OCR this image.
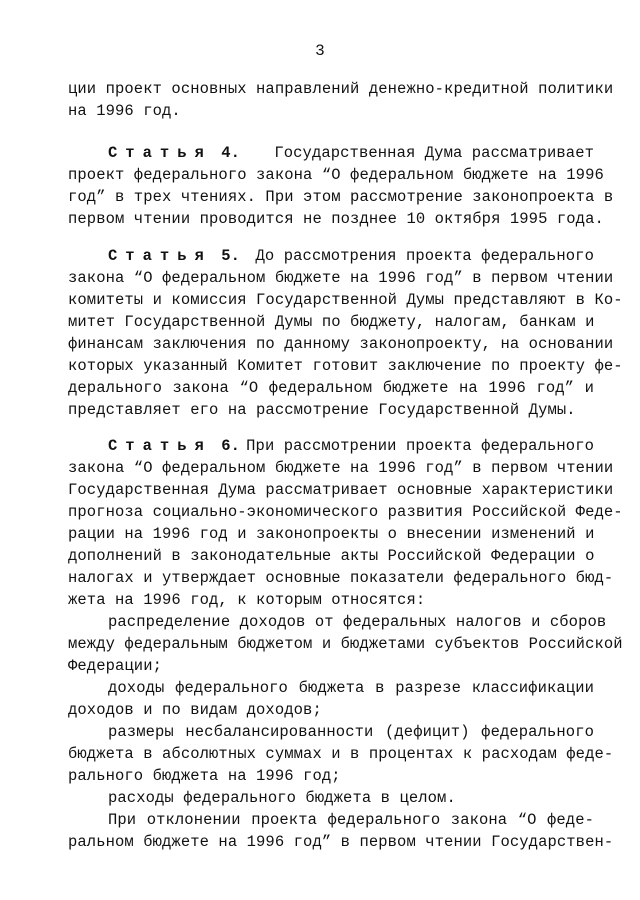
3
ции проект основных направлений денежно-кредитной политики
на 1996 год.
Статья 4. Государственная Дума рассматривает
проект федерального закона “О федеральном бюджете на 1996
год” в трех чтениях. При этом рассмотрение законопроекта в
первом чтении проводится не позднее 10 октября 1995 года.
Статья 5. До рассмотрения проекта федерального
закона “О федеральном бюджете на 1996 год” в первом чтении
комитеты и комиссия Государственной Думы представляют в Ко-
митет Государственной Думы по бюджету, налогам, банкам и
финансам заключения по данному законопроекту, на основании
которых указанный Комитет готовит заключение по проекту фе-
дерального закона “О федеральном бюджете на 1996 год” и
представляет его на рассмотрение Государственной Думы.
Статья 6. При рассмотрении проекта федерального
закона “О федеральном бюджете на 1996 год” в первом чтении
Государственная Дума рассматривает основные характеристики
прогноза социально-экономического развития Российской Феде-
рации на 1996 год и законопроекты о внесении изменений и
дополнений в законодательные акты Российской Федерации о
налогах и утверждает основные показатели федерального бюд-
жета на 1996 год, к которым относятся:
распределение доходов от федеральных налогов и сборов
между федеральным бюджетом и бюджетами субъектов Российской
Федерации;
доходы федерального бюджета в разрезе классификации
доходов и по видам доходов;
размеры несбалансированности (дефицит) федерального
бюджета в абсолютных суммах и в процентах к расходам феде-
рального бюджета на 1996 год;
расходы федерального бюджета в целом.
При отклонении проекта федерального закона “О феде-
ральном бюджете на 1996 год” в первом чтении Государствен-
